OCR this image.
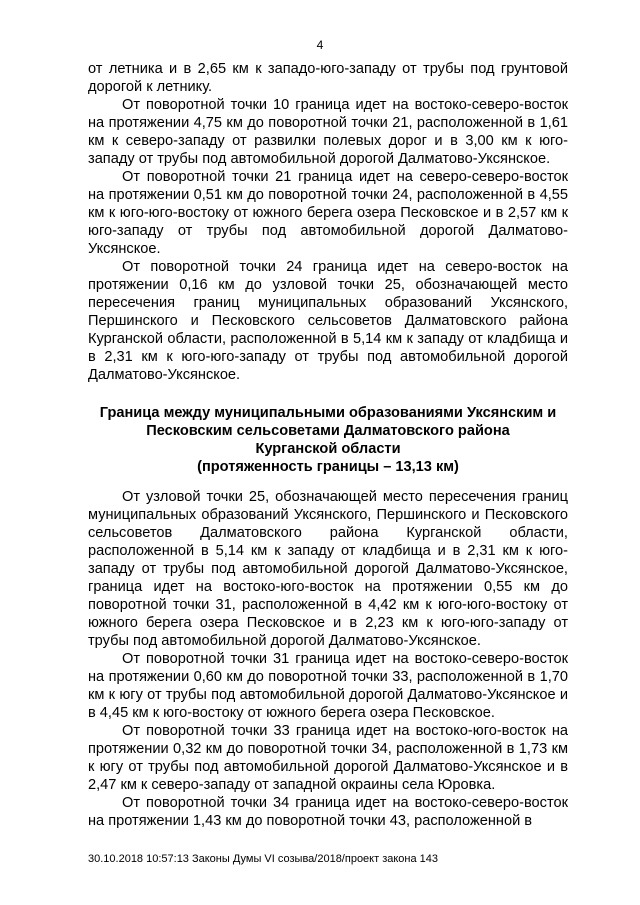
4

от летника и в 2,65 км к западо-юго-западу от трубы под грунтовой дорогой к летнику.

От поворотной точки 10 граница идет на востоко-северо-восток на протяжении 4,75 км до поворотной точки 21, расположенной в 1,61 км к северо-западу от развилки полевых дорог и в 3,00 км к юго-западу от трубы под автомобильной дорогой Далматово-Уксянское.

От поворотной точки 21 граница идет на северо-северо-восток на протяжении 0,51 км до поворотной точки 24, расположенной в 4,55 км к юго-юго-востоку от южного берега озера Песковское и в 2,57 км к юго-западу от трубы под автомобильной дорогой Далматово-Уксянское.

От поворотной точки 24 граница идет на северо-восток на протяжении 0,16 км до узловой точки 25, обозначающей место пересечения границ муниципальных образований Уксянского, Першинского и Песковского сельсоветов Далматовского района Курганской области, расположенной в 5,14 км к западу от кладбища и в 2,31 км к юго-юго-западу от трубы под автомобильной дорогой Далматово-Уксянское.

Граница между муниципальными образованиями Уксянским и
Песковским сельсоветами Далматовского района
Курганской области
(протяженность границы – 13,13 км)

От узловой точки 25, обозначающей место пересечения границ муниципальных образований Уксянского, Першинского и Песковского сельсоветов Далматовского района Курганской области, расположенной в 5,14 км к западу от кладбища и в 2,31 км к юго-западу от трубы под автомобильной дорогой Далматово-Уксянское, граница идет на востоко-юго-восток на протяжении 0,55 км до поворотной точки 31, расположенной в 4,42 км к юго-юго-востоку от южного берега озера Песковское и в 2,23 км к юго-юго-западу от трубы под автомобильной дорогой Далматово-Уксянское.

От поворотной точки 31 граница идет на востоко-северо-восток на протяжении 0,60 км до поворотной точки 33, расположенной в 1,70 км к югу от трубы под автомобильной дорогой Далматово-Уксянское и в 4,45 км к юго-востоку от южного берега озера Песковское.

От поворотной точки 33 граница идет на востоко-юго-восток на протяжении 0,32 км до поворотной точки 34, расположенной в 1,73 км к югу от трубы под автомобильной дорогой Далматово-Уксянское и в 2,47 км к северо-западу от западной окраины села Юровка.

От поворотной точки 34 граница идет на востоко-северо-восток на протяжении 1,43 км до поворотной точки 43, расположенной в

30.10.2018 10:57:13 Законы Думы VI созыва/2018/проект закона 143
